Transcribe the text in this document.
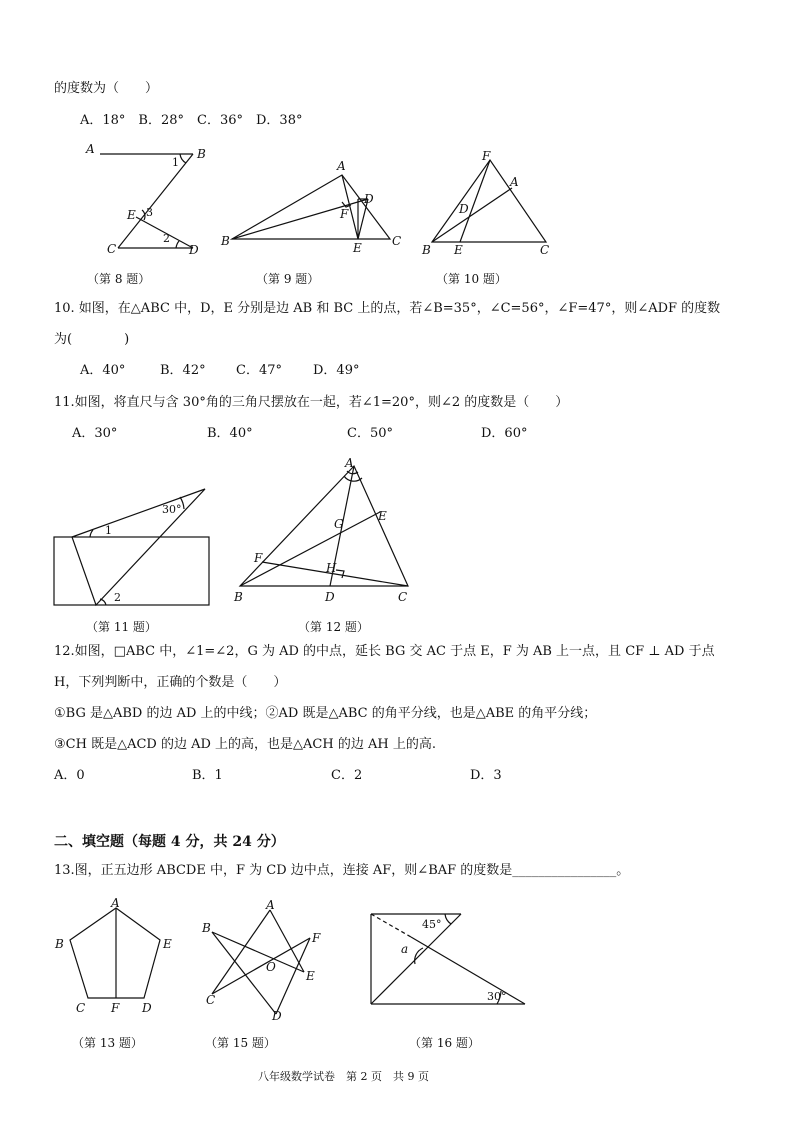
的度数为（　　）
A．18°　B．28°　C．36°　D．38°
A	B
1
E 3
C
2
D
（第 8 题）
A
D
F
B	E	C
（第 9 题）
F
A
D
B E	C
（第 10 题）
10. 如图，在△ABC 中，D，E 分别是边 AB 和 BC 上的点，若∠B=35°，∠C=56°，∠F=47°，则∠ADF 的度数
为(　　　　)
A．40°	B．42° C．47° D．49°
11.如图，将直尺与含 30°角的三角尺摆放在一起，若∠1=20°，则∠2 的度数是（　　）
A．30°	B．40°	C．50°	D．60°
30°
1
2
（第 11 题）
A
G
E
F
H
B	D	C
（第 12 题）
12.如图，□ABC 中，∠1=∠2，G 为 AD 的中点，延长 BG 交 AC 于点 E，F 为 AB 上一点，且 CF ⊥ AD 于点
H，下列判断中，正确的个数是（　　）
①BG 是△ABD 的边 AD 上的中线；②AD 既是△ABC 的角平分线，也是△ABE 的角平分线；
③CH 既是△ACD 的边 AD 上的高，也是△ACH 的边 AH 上的高.
A．0	B．1	C．2	D．3
二、填空题（每题 4 分，共 24 分）
13.图，正五边形 ABCDE 中，F 为 CD 边中点，连接 AF，则∠BAF 的度数是________________。
A
B	E
C F D
（第 13 题）
A
B
F
O
E
C
D
（第 15 题）
45°
a
30°
（第 16 题）
八年级数学试卷　第 2 页　共 9 页
